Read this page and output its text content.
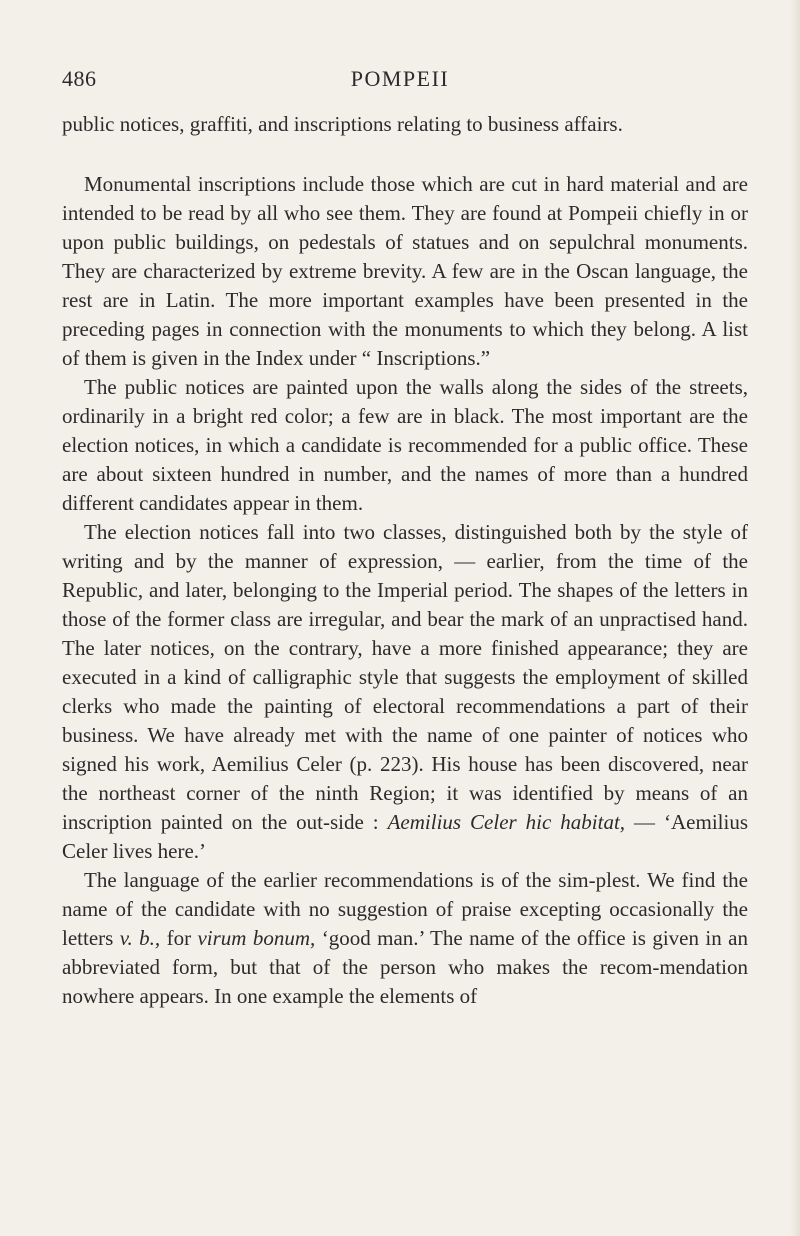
486	POMPEII

public notices, graffiti, and inscriptions relating to business affairs.

Monumental inscriptions include those which are cut in hard material and are intended to be read by all who see them. They are found at Pompeii chiefly in or upon public buildings, on pedestals of statues and on sepulchral monuments. They are characterized by extreme brevity. A few are in the Oscan language, the rest are in Latin. The more important examples have been presented in the preceding pages in connection with the monuments to which they belong. A list of them is given in the Index under “ Inscriptions.”

The public notices are painted upon the walls along the sides of the streets, ordinarily in a bright red color; a few are in black. The most important are the election notices, in which a candidate is recommended for a public office. These are about sixteen hundred in number, and the names of more than a hundred different candidates appear in them.

The election notices fall into two classes, distinguished both by the style of writing and by the manner of expression, — earlier, from the time of the Republic, and later, belonging to the Imperial period. The shapes of the letters in those of the former class are irregular, and bear the mark of an unpractised hand. The later notices, on the contrary, have a more finished appearance; they are executed in a kind of calligraphic style that suggests the employment of skilled clerks who made the painting of electoral recommendations a part of their business. We have already met with the name of one painter of notices who signed his work, Aemilius Celer (p. 223). His house has been discovered, near the northeast corner of the ninth Region; it was identified by means of an inscription painted on the out-side : Aemilius Celer hic habitat, — ‘Aemilius Celer lives here.’

The language of the earlier recommendations is of the sim-plest. We find the name of the candidate with no suggestion of praise excepting occasionally the letters v. b., for virum bonum, ‘good man.’ The name of the office is given in an abbreviated form, but that of the person who makes the recom-mendation nowhere appears. In one example the elements of
